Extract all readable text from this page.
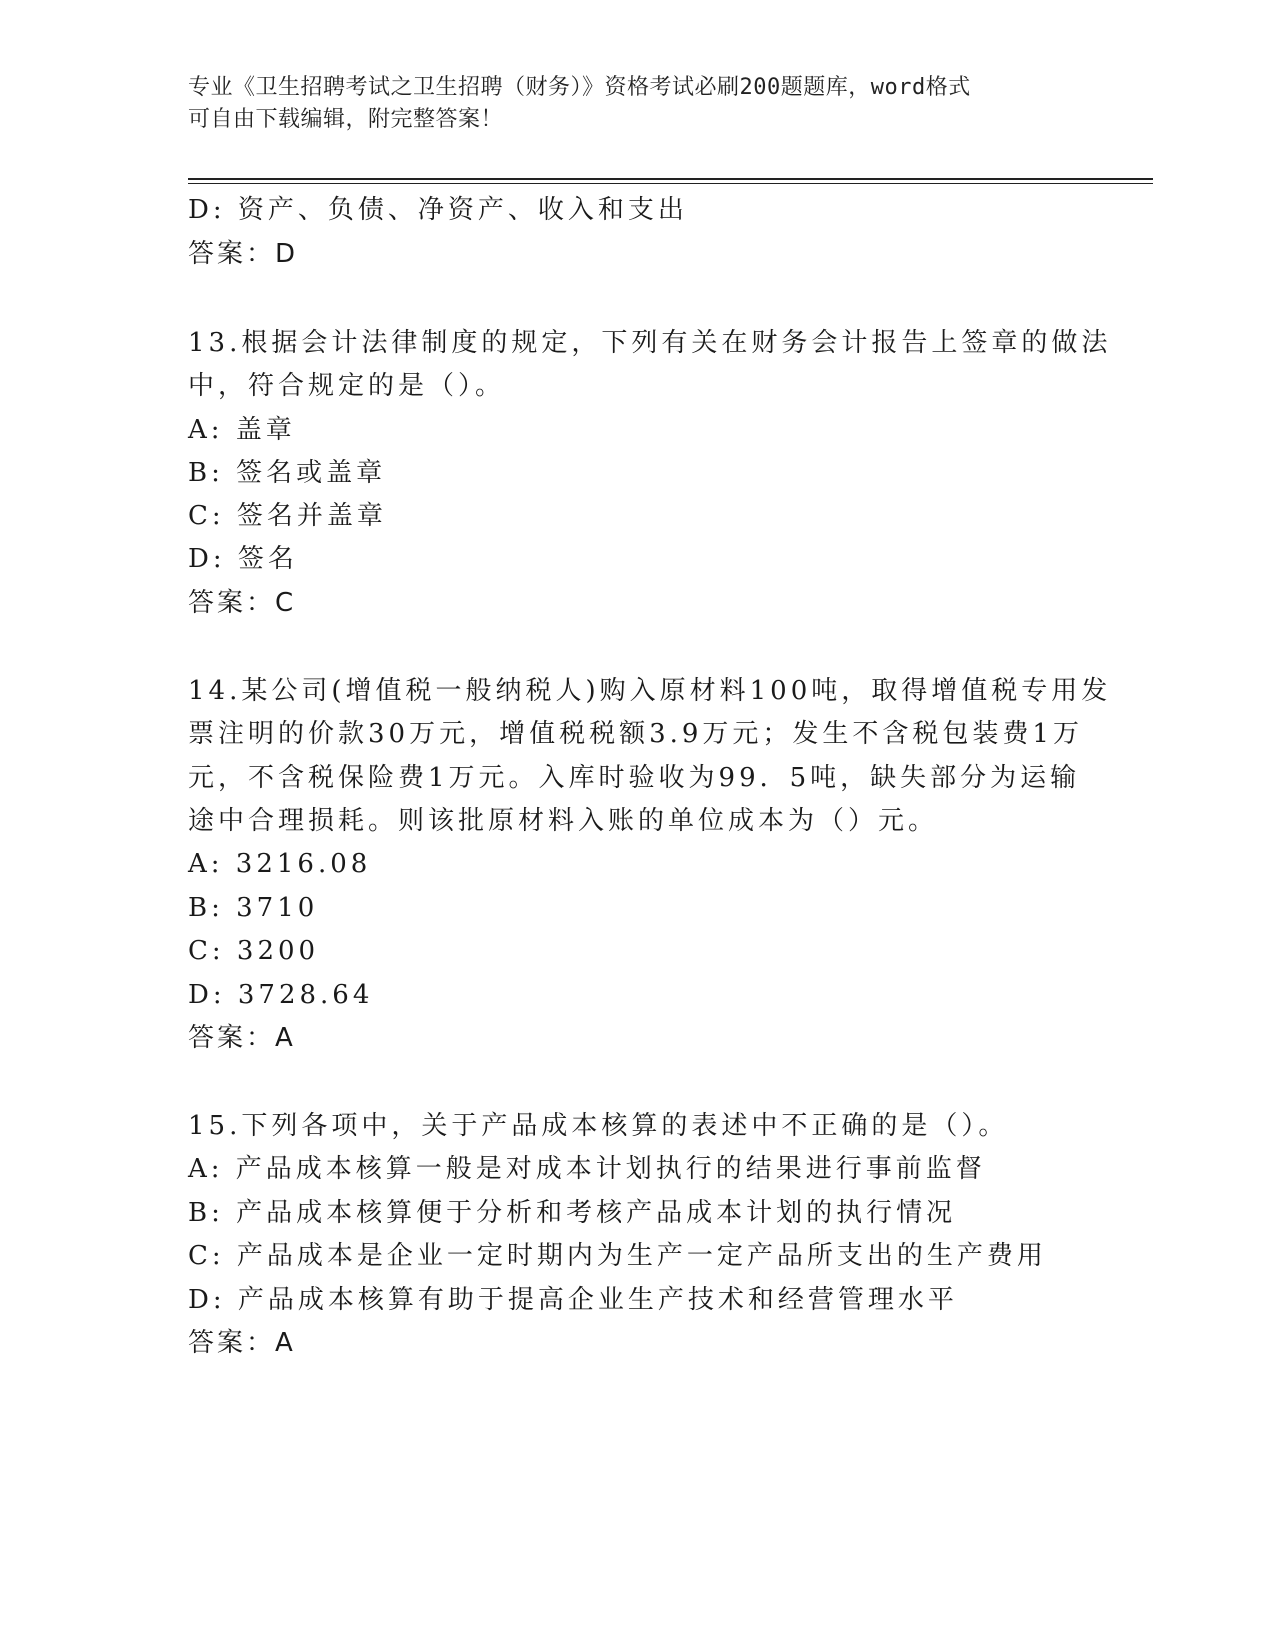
专业《卫生招聘考试之卫生招聘（财务）》资格考试必刷200题题库，word格式
可自由下载编辑，附完整答案！
D: 资产、负债、净资产、收入和支出
答案：D
13.根据会计法律制度的规定，下列有关在财务会计报告上签章的做法
中，符合规定的是（）。
A: 盖章
B: 签名或盖章
C: 签名并盖章
D: 签名
答案：C
14.某公司(增值税一般纳税人)购入原材料100吨，取得增值税专用发
票注明的价款30万元，增值税税额3.9万元；发生不含税包装费1万
元，不含税保险费1万元。入库时验收为99．5吨，缺失部分为运输
途中合理损耗。则该批原材料入账的单位成本为（）元。
A: 3216.08
B: 3710
C: 3200
D: 3728.64
答案：A
15.下列各项中，关于产品成本核算的表述中不正确的是（）。
A: 产品成本核算一般是对成本计划执行的结果进行事前监督
B: 产品成本核算便于分析和考核产品成本计划的执行情况
C: 产品成本是企业一定时期内为生产一定产品所支出的生产费用
D: 产品成本核算有助于提高企业生产技术和经营管理水平
答案：A
